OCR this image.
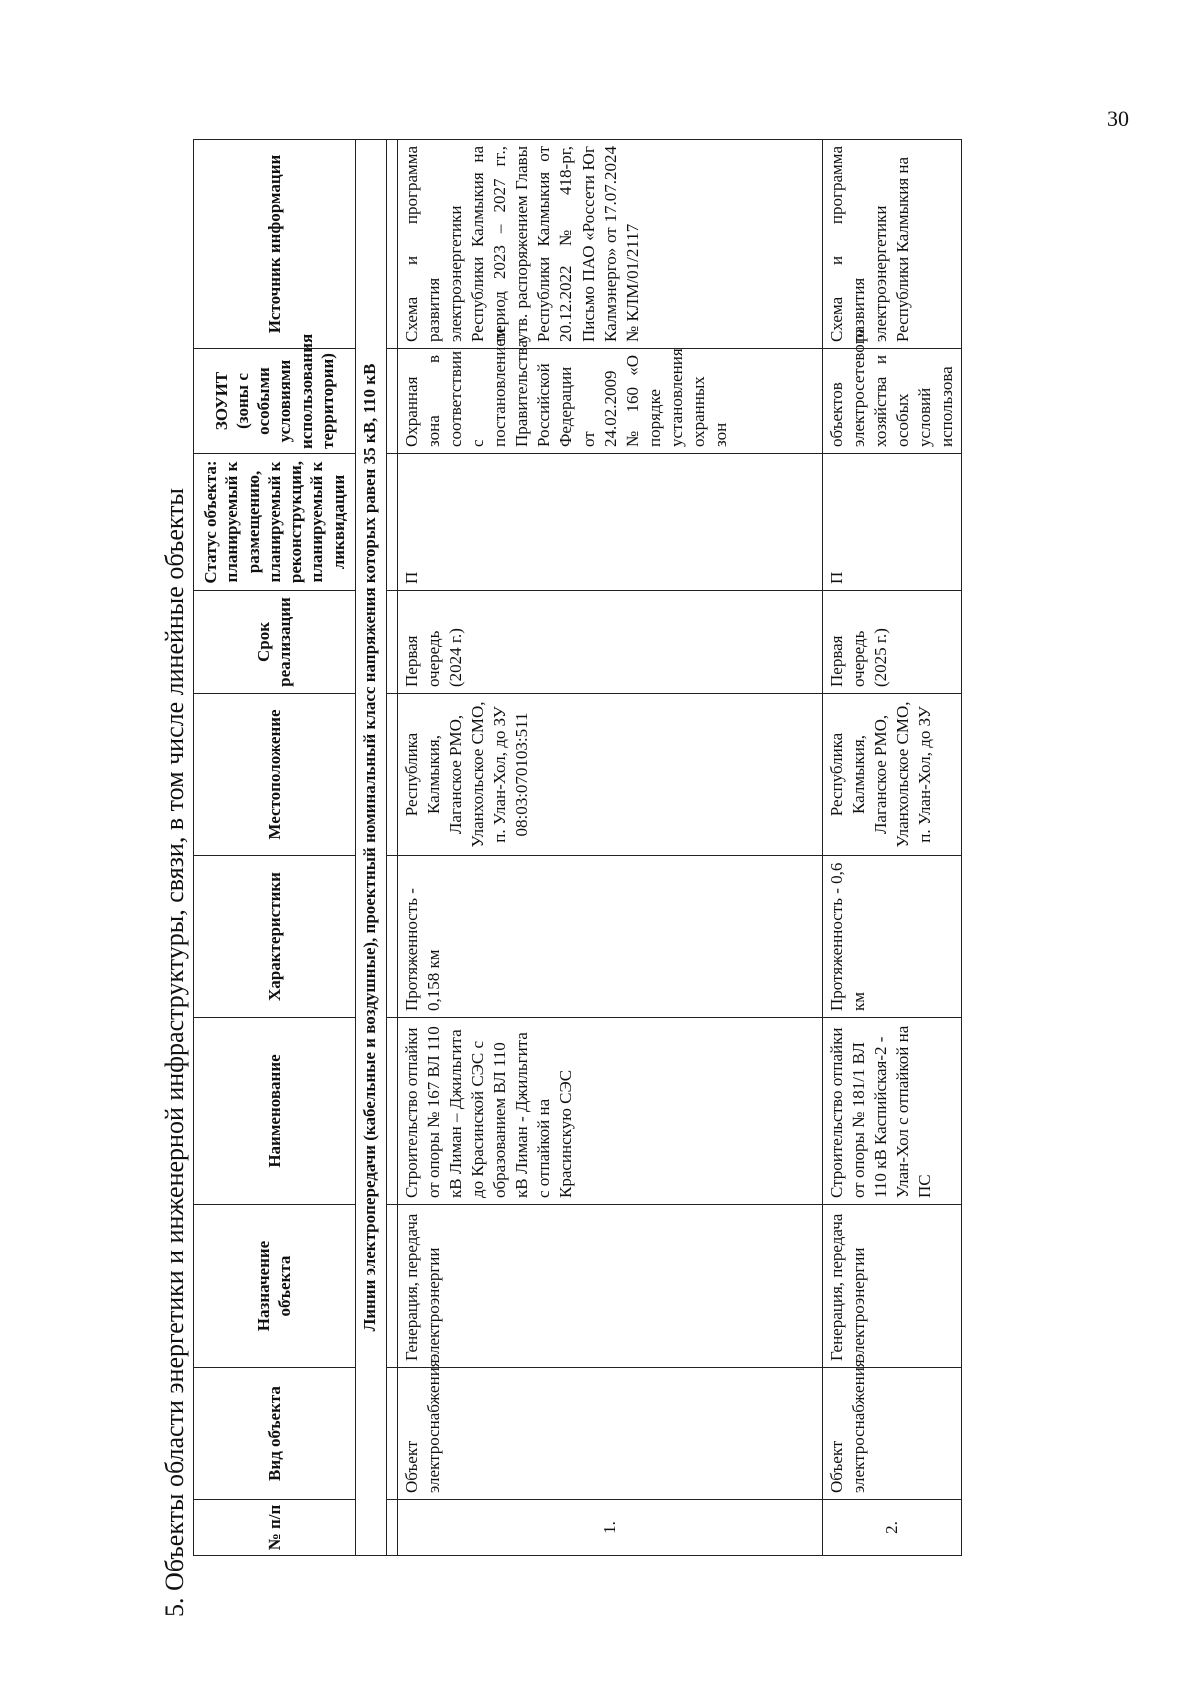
5. Объекты области энергетики и инженерной инфраструктуры, связи, в том числе линейные объекты	№ п/п	Вид объекта	Назначение объекта	Наименование	Характеристики	Местоположение	Срок реализации	Статус объекта: планируемый к размещению, планируемый к реконструкции, планируемый к ликвидации	ЗОУИТ (зоны с особыми условиями использования территории)	Источник информации
Линии электропередачи (кабельные и воздушные), проектный номинальный класс напряжения которых равен 35 кВ, 110 кВ									

1.	Объект электроснабжения	Генерация, передача электроэнергии	Строительство отпайки от опоры № 167 ВЛ 110 кВ Лиман – Джильгита до Красинской СЭС с образованием ВЛ 110 кВ Лиман - Джильгита с отпайкой на Красинскую СЭС	Протяженность - 0,158 км	Республика Калмыкия, Лаганское РМО, Уланхольское СМО, п. Улан-Хол, до ЗУ 08:03:070103:511	Первая очередь (2024 г.)	П	Охранная зона в соответствии с постановлением Правительства Российской Федерации от 24.02.2009 № 160 «О порядке установления охранных зон	Схема и программа развития электроэнергетики Республики Калмыкия на период 2023 – 2027 гг., утв. распоряжением Главы Республики Калмыкия от 20.12.2022 № 418-рг, Письмо ПАО «Россети Юг Калмэнерго» от 17.07.2024 № КЛМ/01/2117
2.	Объект электроснабжения	Генерация, передача электроэнергии	Строительство отпайки от опоры № 181/1 ВЛ 110 кВ Каспийская-2 - Улан-Хол с отпайкой на ПС	Протяженность - 0,6 км	Республика Калмыкия, Лаганское РМО, Уланхольское СМО, п. Улан-Хол, до ЗУ	Первая очередь (2025 г.)	П	объектов электросетевого хозяйства и особых условий использова	Схема и программа развития электроэнергетики Республики Калмыкия на
30
